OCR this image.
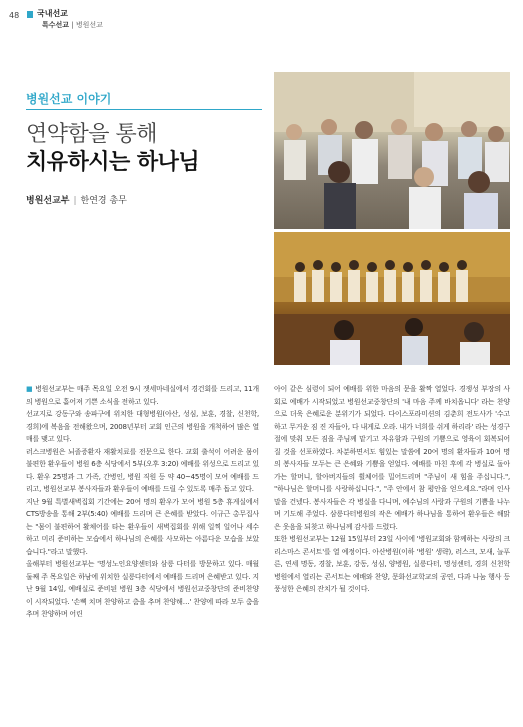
48 국내선교
특수선교 | 병원선교
병원선교 이야기
연약함을 통해
치유하시는 하나님
병원선교부 | 한연경 총무

■ 병원선교부는 매주 목요일 오전 9시 잿세마네실에서 경건회를 드리고, 11개의 병원으로 흩어져 기쁜 소식을 전하고 있다.

선교지로 강동구와 송파구에 위치한 대형병원(아산, 성심, 보훈, 경찰, 신천학, 경희)에 복음을 전해왔으며, 2008년부터 교회 인근의 병원을 개척하여 많은 열매를 맺고 있다.

러스크병원은 뇌졸증환자 재활치료를 전문으로 한다. 교회 출석이 어려운 몸이 불편한 환우들이 병원 6층 식당에서 5부(오후 3:20) 예배를 위성으로 드리고 있다. 환우 25명과 그 가족, 간병인, 병원 직원 등 약 40~45명이 모여 예배를 드리고, 병원선교부 봉사자들과 환우들이 예배를 드릴 수 있도록 매주 돕고 있다.

지난 9월 특별새벽집회 기간에는 20여 명의 환우가 모여 병원 5층 휴게실에서 CTS방송을 통해 2부(5:40) 예배를 드리며 큰 은혜를 받았다. 이규근 총무집사는 "몸이 불편하여 활체어를 타는 환우들이 새벽집회를 위해 일찍 일어나 세수하고 미리 준비하는 모습에서 하나님의 은혜를 사모하는 아름다운 모습을 보았습니다."라고 말했다.

올해부터 병원선교부는 '명성노인요양센터와 삼릉 다터를 방문하고 있다. 매월 둘째 주 목요일은 하남에 위치한 실릉다터에서 예배를 드리며 은혜받고 있다. 지난 9월 14일, 예배실로 준비된 병원 3층 식당에서 병원선교중창단의 준비찬양이 시작되었다. '손뼉 치며 찬양하고 춤을 추며 찬양해…' 찬양에 따라 모두 춤을 추며 찬양하며 어린

아이 같은 심령이 되어 예배를 위한 마음의 문을 활짝 열었다. 경쟁성 부장의 사회로 예배가 시작되었고 병원선교중창단의 '내 마음 주께 바치옵니다' 라는 찬양으로 더욱 은혜로운 분위기가 되었다. 다이스포라미션의 김춘희 전도사가 '수고하고 무거운 짐 진 자들아, 다 내게로 오라. 내가 너희를 쉬게 하리라' 라는 성경구절에 맞춰 모든 짐을 주님께 맡기고 자유함과 구원의 기쁨으로 영육이 회복되어질 것을 선포하였다. 차분하면서도 힘있는 말씀에 20여 명의 환자들과 10여 명의 봉사자들 모두는 큰 은혜와 기쁨을 얻었다. 예배를 마친 후에 각 병실로 돌아가는 할머니, 할아버지들의 휠체어를 밀어드리며 "주님이 새 힘을 주십니다.", "하나님은 할머니를 사랑하십니다.", "주 안에서 참 평안을 얻으세요."라며 인사말을 건넸다. 봉사자들은 각 병실을 다니며, 예수님의 사랑과 구원의 기쁨을 나누며 기도해 주었다. 삼릉다터병원의 작은 예배가 하나님을 통하여 환우들은 해맑은 웃음을 되찾고 하나님께 감사를 드렸다.

또한 병원선교부는 12월 15일부터 23일 사이에 '병원교회와 함께하는 사랑의 크리스마스 콘서트'를 열 예정이다. 아산병원(이하 '병원' 생략), 러스크, 모새, 늘푸른, 연세 명동, 경찰, 보훈, 강동, 성심, 양병원, 실릉다터, 명성센터, 경희 신천학병원에서 열리는 콘서트는 예배와 찬양, 문화선교학교의 공연, 다과 나눔 행사 등 풍성한 은혜의 잔치가 될 것이다.
